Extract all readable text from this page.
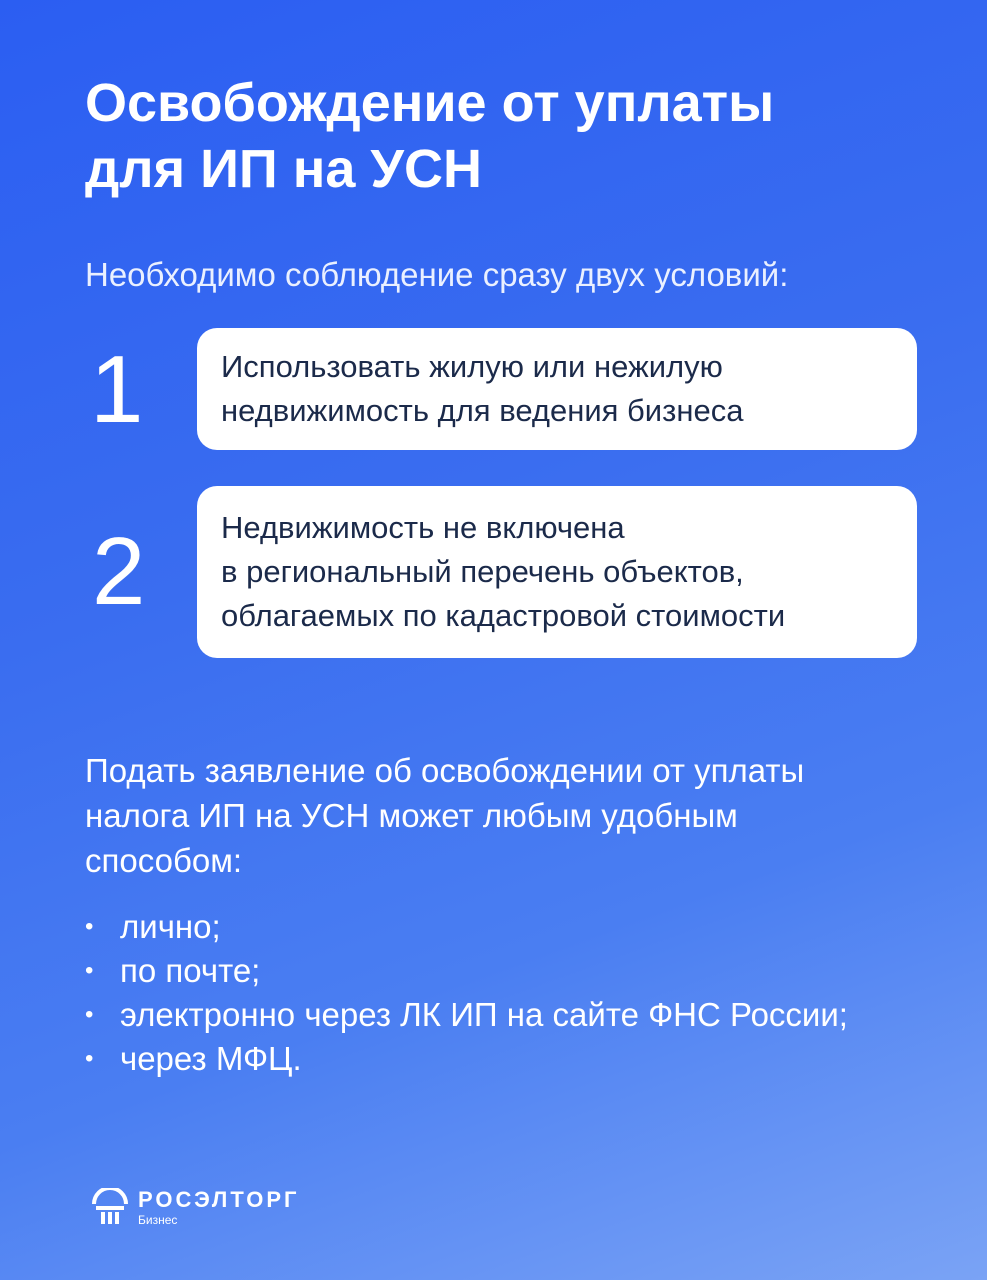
Освобождение от уплаты
для ИП на УСН
Необходимо соблюдение сразу двух условий:
1	Использовать жилую или нежилую
недвижимость для ведения бизнеса
2 Недвижимость не включена
в региональный перечень объектов,
облагаемых по кадастровой стоимости
Подать заявление об освобождении от уплаты
налога ИП на УСН может любым удобным
способом:
• лично;
• по почте;
• электронно через ЛК ИП на сайте ФНС России;
• через МФЦ.
РОСЭЛТОРГ
Бизнес
